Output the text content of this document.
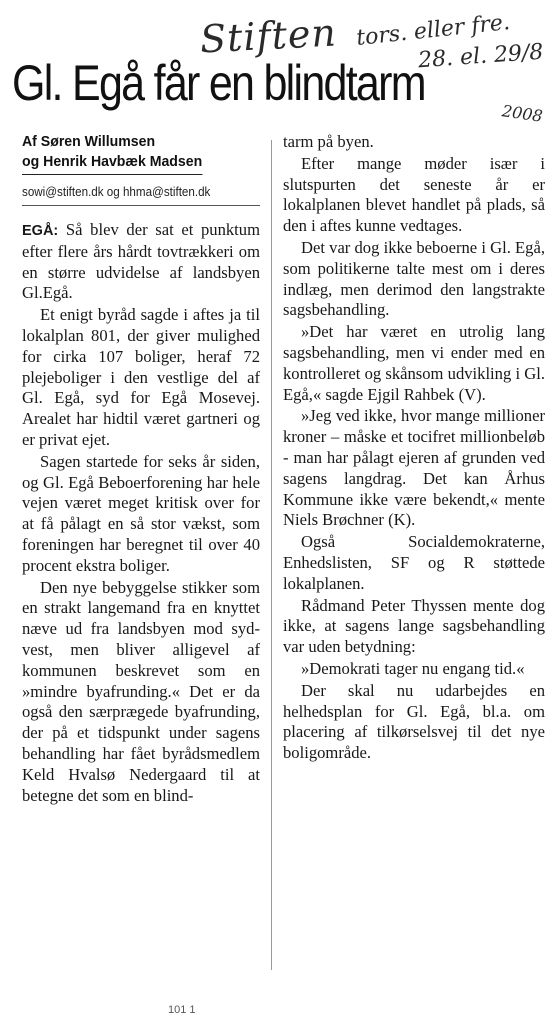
Stiften tors. eller fre.
28. el. 29/8
2008
Gl. Egå får en blindtarm
Af Søren Willumsen
og Henrik Havbæk Madsen
sowi@stiften.dk og hhma@stiften.dk

EGÅ: Så blev der sat et punktum efter flere års hårdt tovtrækkeri om en større udvidelse af landsbyen Gl.Egå.

Et enigt byråd sagde i aftes ja til lokalplan 801, der giver mulighed for cirka 107 boliger, heraf 72 plejeboliger i den vestlige del af Gl. Egå, syd for Egå Mosevej. Arealet har hidtil været gartneri og er privat ejet.

Sagen startede for seks år siden, og Gl. Egå Beboerforening har hele vejen været meget kritisk over for at få pålagt en så stor vækst, som foreningen har beregnet til over 40 procent ekstra boliger.

Den nye bebyggelse stikker som en strakt langemand fra en knyttet næve ud fra landsbyen mod syd-vest, men bliver alligevel af kommunen beskrevet som en »mindre byafrunding.« Det er da også den særprægede byafrunding, der på et tidspunkt under sagens behandling har fået byrådsmedlem Keld Hvalsø Nedergaard til at betegne det som en blind-

tarm på byen.

Efter mange møder især i slutspurten det seneste år er lokalplanen blevet handlet på plads, så den i aftes kunne vedtages.

Det var dog ikke beboerne i Gl. Egå, som politikerne talte mest om i deres indlæg, men derimod den langstrakte sagsbehandling.

»Det har været en utrolig lang sagsbehandling, men vi ender med en kontrolleret og skånsom udvikling i Gl. Egå,« sagde Ejgil Rahbek (V).

»Jeg ved ikke, hvor mange millioner kroner – måske et tocifret millionbeløb - man har pålagt ejeren af grunden ved sagens langdrag. Det kan Århus Kommune ikke være bekendt,« mente Niels Brøchner (K).

Også Socialdemokraterne, Enhedslisten, SF og R støttede lokalplanen.

Rådmand Peter Thyssen mente dog ikke, at sagens lange sagsbehandling var uden betydning:

»Demokrati tager nu engang tid.«

Der skal nu udarbejdes en helhedsplan for Gl. Egå, bl.a. om placering af tilkørselsvej til det nye boligområde.

101 1
